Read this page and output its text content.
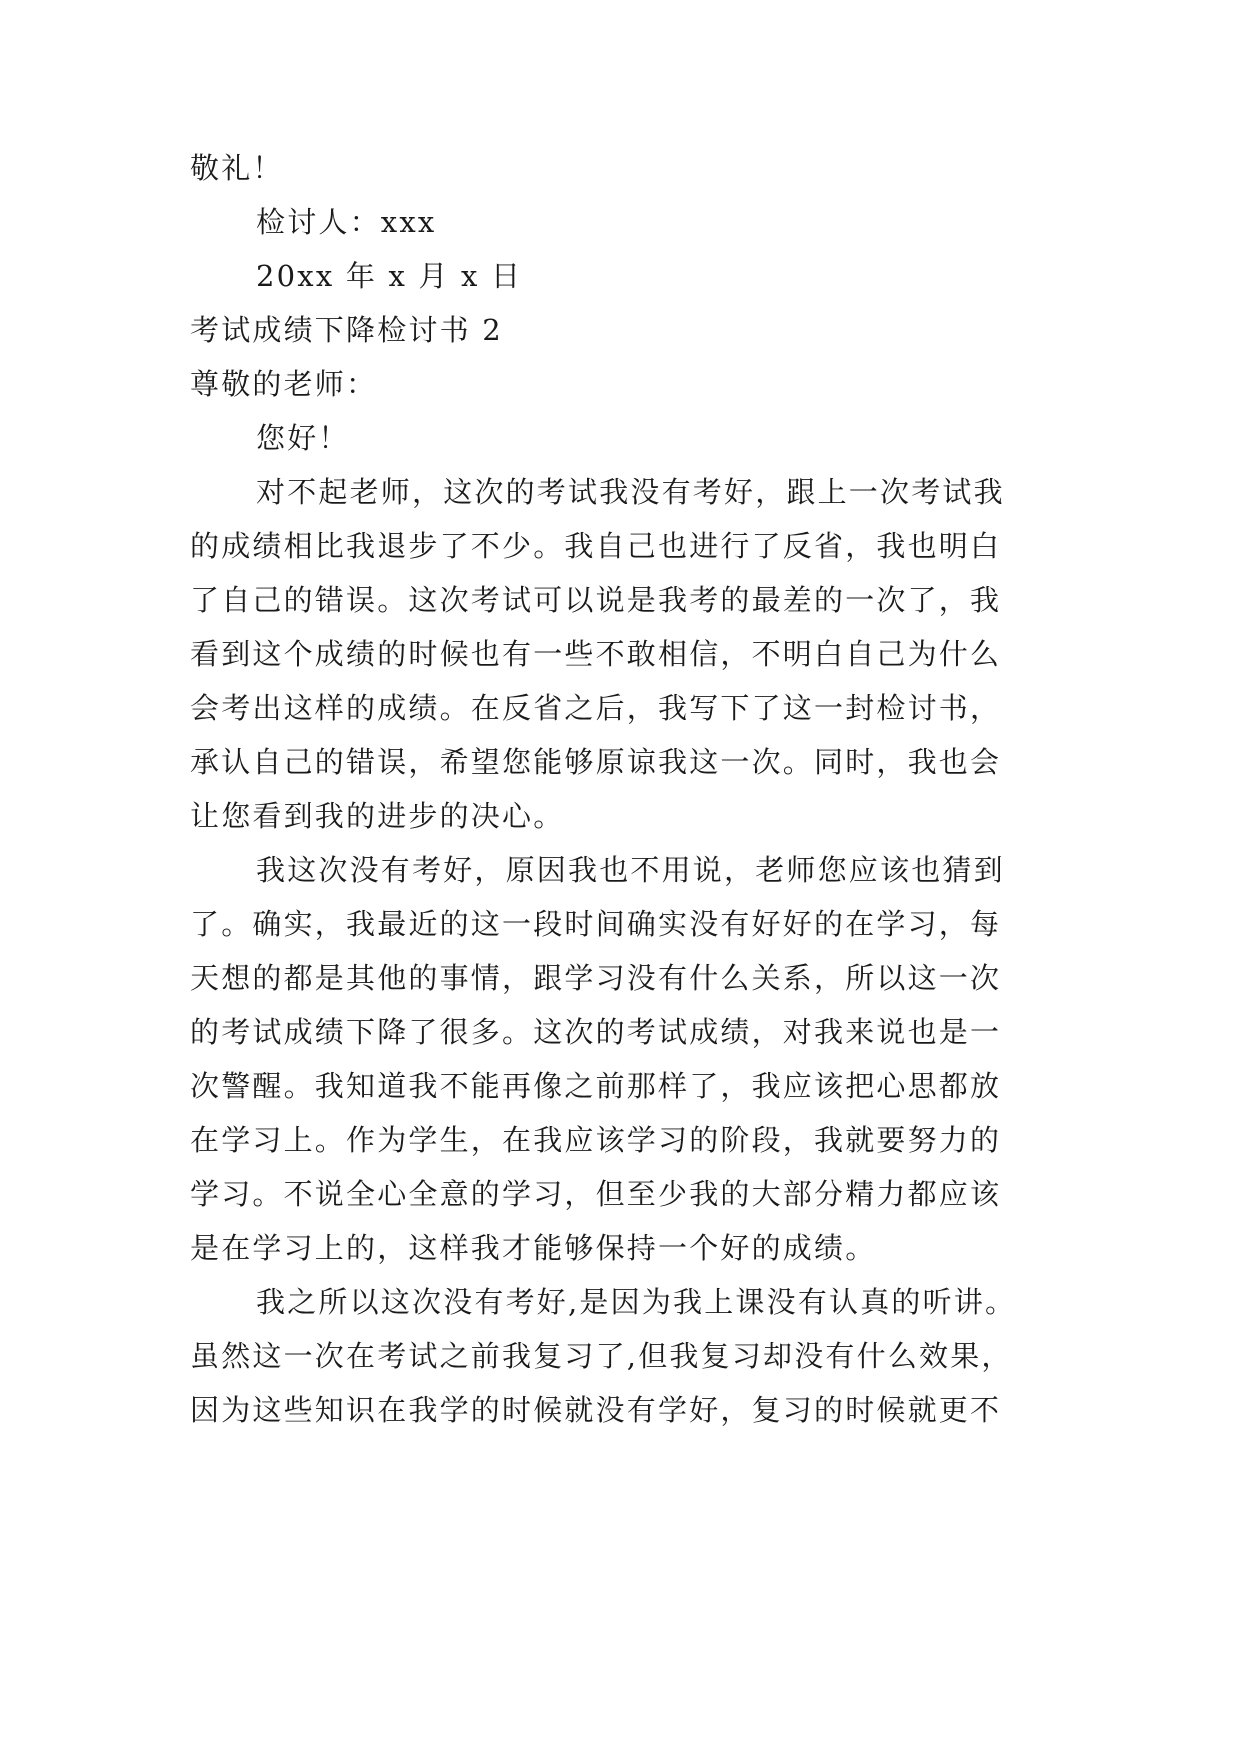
敬礼！
检讨人：xxx
20xx 年 x 月 x 日
考试成绩下降检讨书 2
尊敬的老师：
您好！
对不起老师，这次的考试我没有考好，跟上一次考试我
的成绩相比我退步了不少。我自己也进行了反省，我也明白
了自己的错误。这次考试可以说是我考的最差的一次了，我
看到这个成绩的时候也有一些不敢相信，不明白自己为什么
会考出这样的成绩。在反省之后，我写下了这一封检讨书，
承认自己的错误，希望您能够原谅我这一次。同时，我也会
让您看到我的进步的决心。
我这次没有考好，原因我也不用说，老师您应该也猜到
了。确实，我最近的这一段时间确实没有好好的在学习，每
天想的都是其他的事情，跟学习没有什么关系，所以这一次
的考试成绩下降了很多。这次的考试成绩，对我来说也是一
次警醒。我知道我不能再像之前那样了，我应该把心思都放
在学习上。作为学生，在我应该学习的阶段，我就要努力的
学习。不说全心全意的学习，但至少我的大部分精力都应该
是在学习上的，这样我才能够保持一个好的成绩。
我之所以这次没有考好,是因为我上课没有认真的听讲。
虽然这一次在考试之前我复习了,但我复习却没有什么效果，
因为这些知识在我学的时候就没有学好，复习的时候就更不
